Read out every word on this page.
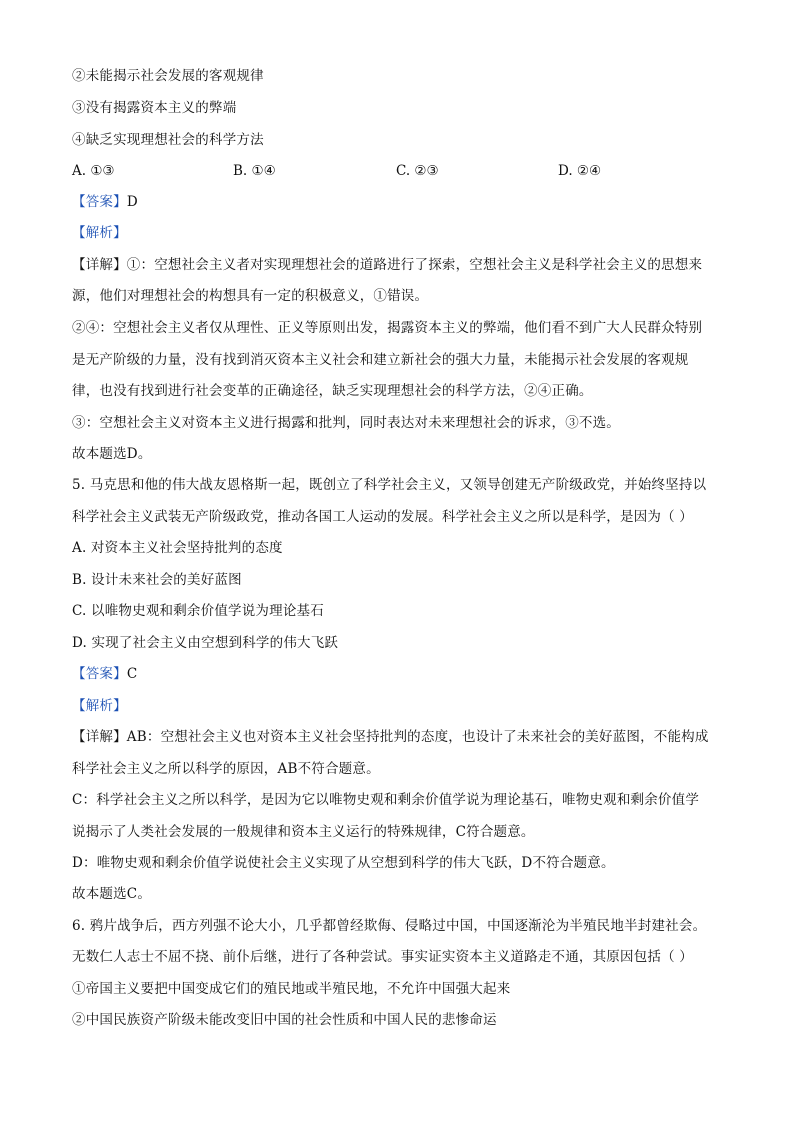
②未能揭示社会发展的客观规律
③没有揭露资本主义的弊端
④缺乏实现理想社会的科学方法
A. ①③	B. ①④	C. ②③	D. ②④
【答案】D
【解析】
【详解】①：空想社会主义者对实现理想社会的道路进行了探索，空想社会主义是科学社会主义的思想来
源，他们对理想社会的构想具有一定的积极意义，①错误。
②④：空想社会主义者仅从理性、正义等原则出发，揭露资本主义的弊端，他们看不到广大人民群众特别
是无产阶级的力量，没有找到消灭资本主义社会和建立新社会的强大力量，未能揭示社会发展的客观规
律，也没有找到进行社会变革的正确途径，缺乏实现理想社会的科学方法，②④正确。
③：空想社会主义对资本主义进行揭露和批判，同时表达对未来理想社会的诉求，③不选。
故本题选D。
5. 马克思和他的伟大战友恩格斯一起，既创立了科学社会主义，又领导创建无产阶级政党，并始终坚持以
科学社会主义武装无产阶级政党，推动各国工人运动的发展。科学社会主义之所以是科学，是因为（ ）
A. 对资本主义社会坚持批判的态度
B. 设计未来社会的美好蓝图
C. 以唯物史观和剩余价值学说为理论基石
D. 实现了社会主义由空想到科学的伟大飞跃
【答案】C
【解析】
【详解】AB：空想社会主义也对资本主义社会坚持批判的态度，也设计了未来社会的美好蓝图，不能构成
科学社会主义之所以科学的原因，AB不符合题意。
C：科学社会主义之所以科学，是因为它以唯物史观和剩余价值学说为理论基石，唯物史观和剩余价值学
说揭示了人类社会发展的一般规律和资本主义运行的特殊规律，C符合题意。
D：唯物史观和剩余价值学说使社会主义实现了从空想到科学的伟大飞跃，D不符合题意。
故本题选C。
6. 鸦片战争后，西方列强不论大小，几乎都曾经欺侮、侵略过中国，中国逐渐沦为半殖民地半封建社会。
无数仁人志士不屈不挠、前仆后继，进行了各种尝试。事实证实资本主义道路走不通，其原因包括（ ）
①帝国主义要把中国变成它们的殖民地或半殖民地，不允许中国强大起来
②中国民族资产阶级未能改变旧中国的社会性质和中国人民的悲惨命运
